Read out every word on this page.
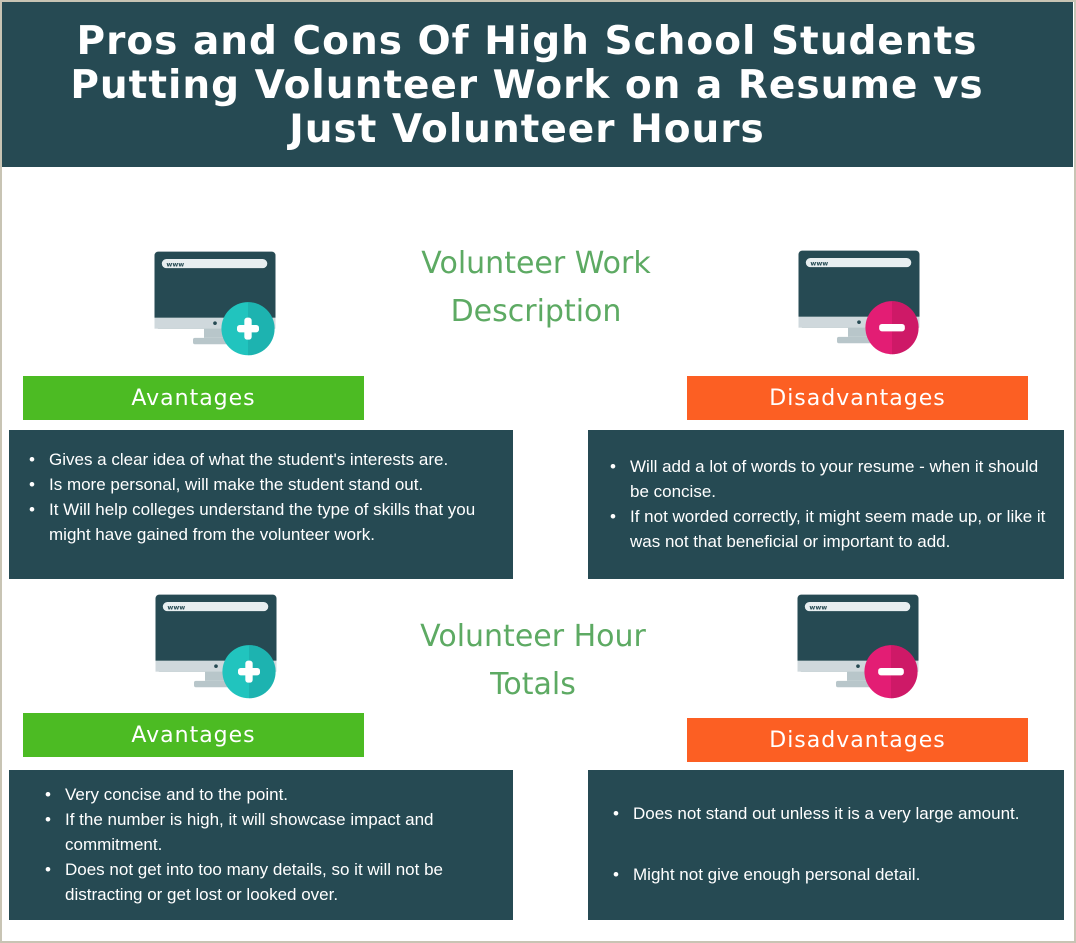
Pros and Cons Of High School Students Putting Volunteer Work on a Resume vs Just Volunteer Hours
Volunteer Work Description
www	www
Avantages	Disadvantages
• Gives a clear idea of what the student's interests are.
• Is more personal, will make the student stand out.
• It Will help colleges understand the type of skills that you might have gained from the volunteer work.
• Will add a lot of words to your resume - when it should be concise.
• If not worded correctly, it might seem made up, or like it was not that beneficial or important to add.
Volunteer Hour Totals
www	www
Avantages	Disadvantages
• Very concise and to the point.
• If the number is high, it will showcase impact and commitment.
• Does not get into too many details, so it will not be distracting or get lost or looked over.
• Does not stand out unless it is a very large amount.
• Might not give enough personal detail.
